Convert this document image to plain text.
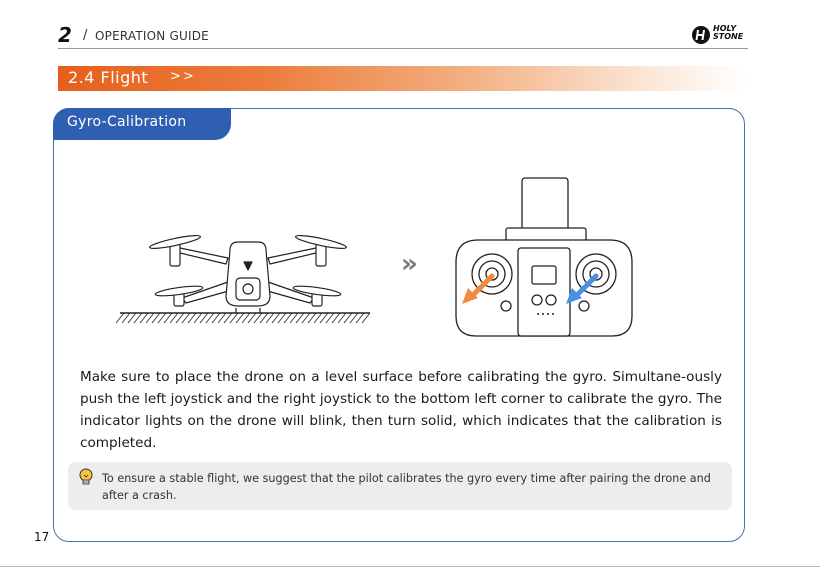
2 / OPERATION GUIDE
HOLY
STONE
2.4 Flight >>
Gyro-Calibration
»

Make sure to place the drone on a level surface before calibrating the gyro. Simultane-ously push the left joystick and the right joystick to the bottom left corner to calibrate the gyro. The indicator lights on the drone will blink, then turn solid, which indicates that the calibration is completed.

To ensure a stable flight, we suggest that the pilot calibrates the gyro every time after pairing the drone and after a crash.

17
